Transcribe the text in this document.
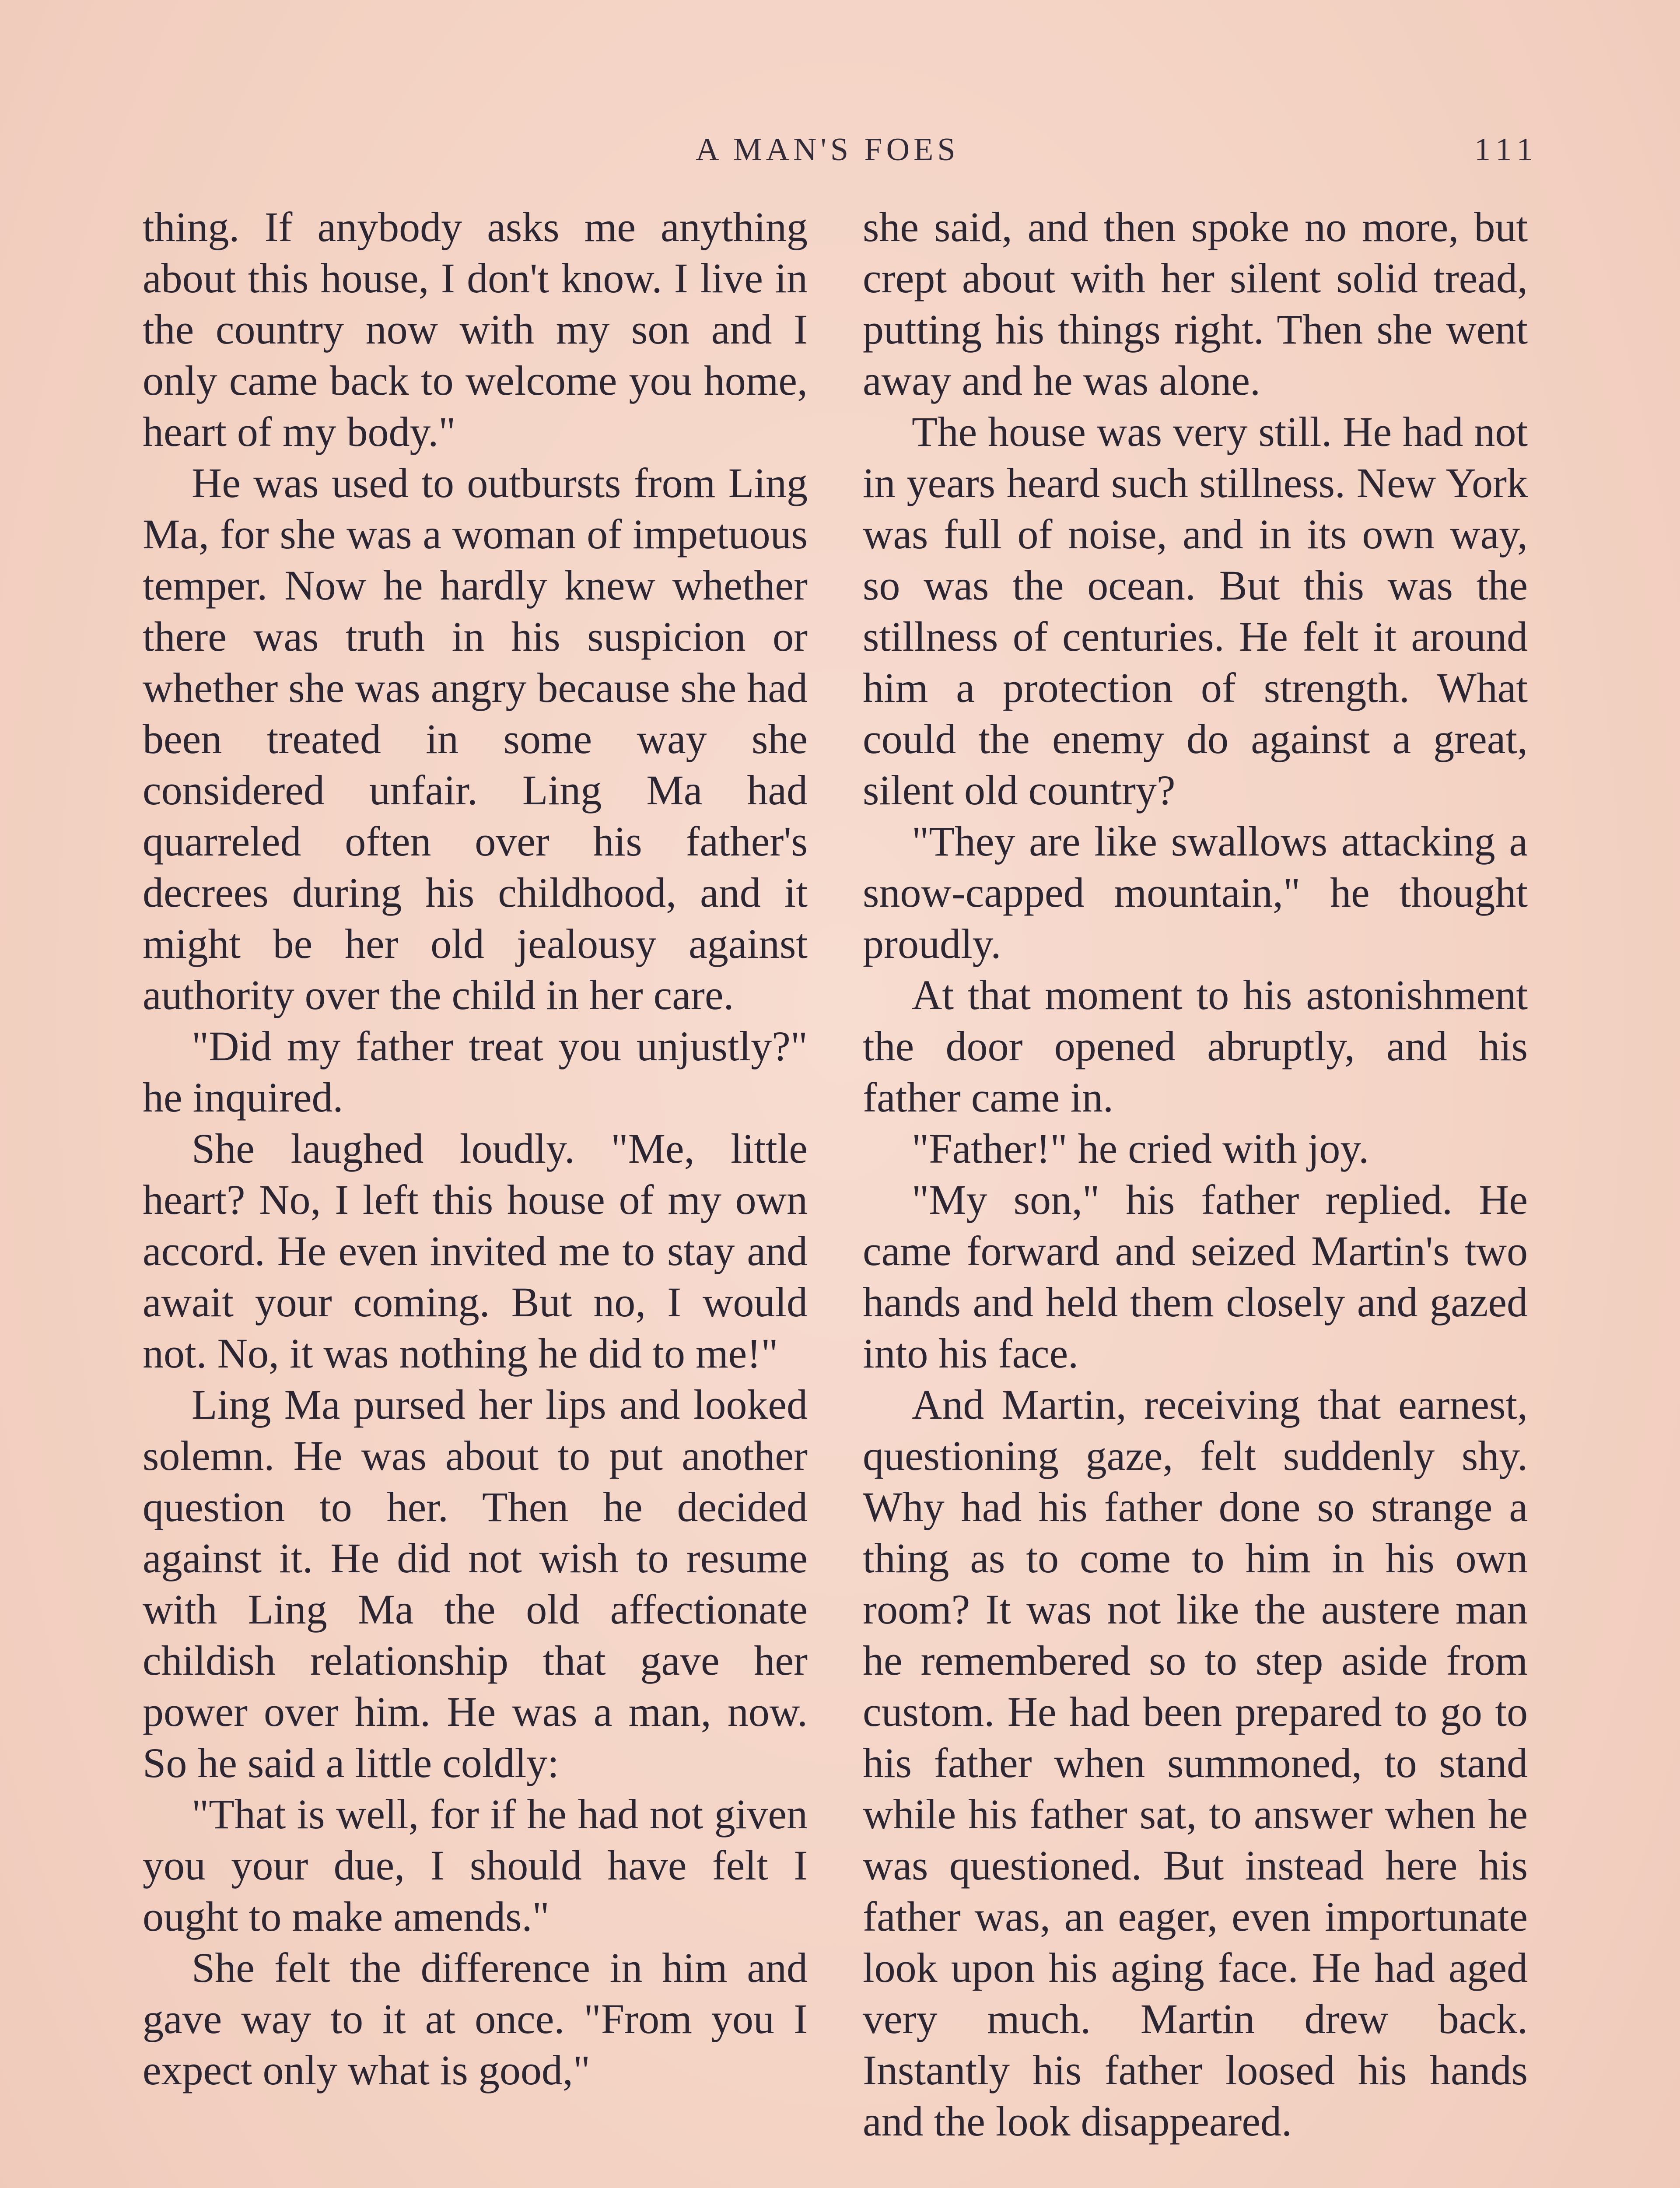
A MAN'S FOES	111

thing. If anybody asks me anything about this house, I don't know. I live in the country now with my son and I only came back to welcome you home, heart of my body."

He was used to outbursts from Ling Ma, for she was a woman of impetuous temper. Now he hardly knew whether there was truth in his suspicion or whether she was angry because she had been treated in some way she considered unfair. Ling Ma had quarreled often over his father's decrees during his childhood, and it might be her old jealousy against authority over the child in her care.

"Did my father treat you unjustly?" he inquired.

She laughed loudly. "Me, little heart? No, I left this house of my own accord. He even invited me to stay and await your coming. But no, I would not. No, it was nothing he did to me!"

Ling Ma pursed her lips and looked solemn. He was about to put another question to her. Then he decided against it. He did not wish to resume with Ling Ma the old affectionate childish relationship that gave her power over him. He was a man, now. So he said a little coldly:

"That is well, for if he had not given you your due, I should have felt I ought to make amends."

She felt the difference in him and gave way to it at once. "From you I expect only what is good,"

she said, and then spoke no more, but crept about with her silent solid tread, putting his things right. Then she went away and he was alone.

The house was very still. He had not in years heard such stillness. New York was full of noise, and in its own way, so was the ocean. But this was the stillness of centuries. He felt it around him a protection of strength. What could the enemy do against a great, silent old country?

"They are like swallows attacking a snow-capped mountain," he thought proudly.

At that moment to his astonishment the door opened abruptly, and his father came in.

"Father!" he cried with joy.

"My son," his father replied. He came forward and seized Martin's two hands and held them closely and gazed into his face.

And Martin, receiving that earnest, questioning gaze, felt suddenly shy. Why had his father done so strange a thing as to come to him in his own room? It was not like the austere man he remembered so to step aside from custom. He had been prepared to go to his father when summoned, to stand while his father sat, to answer when he was questioned. But instead here his father was, an eager, even importunate look upon his aging face. He had aged very much. Martin drew back. Instantly his father loosed his hands and the look disappeared.
